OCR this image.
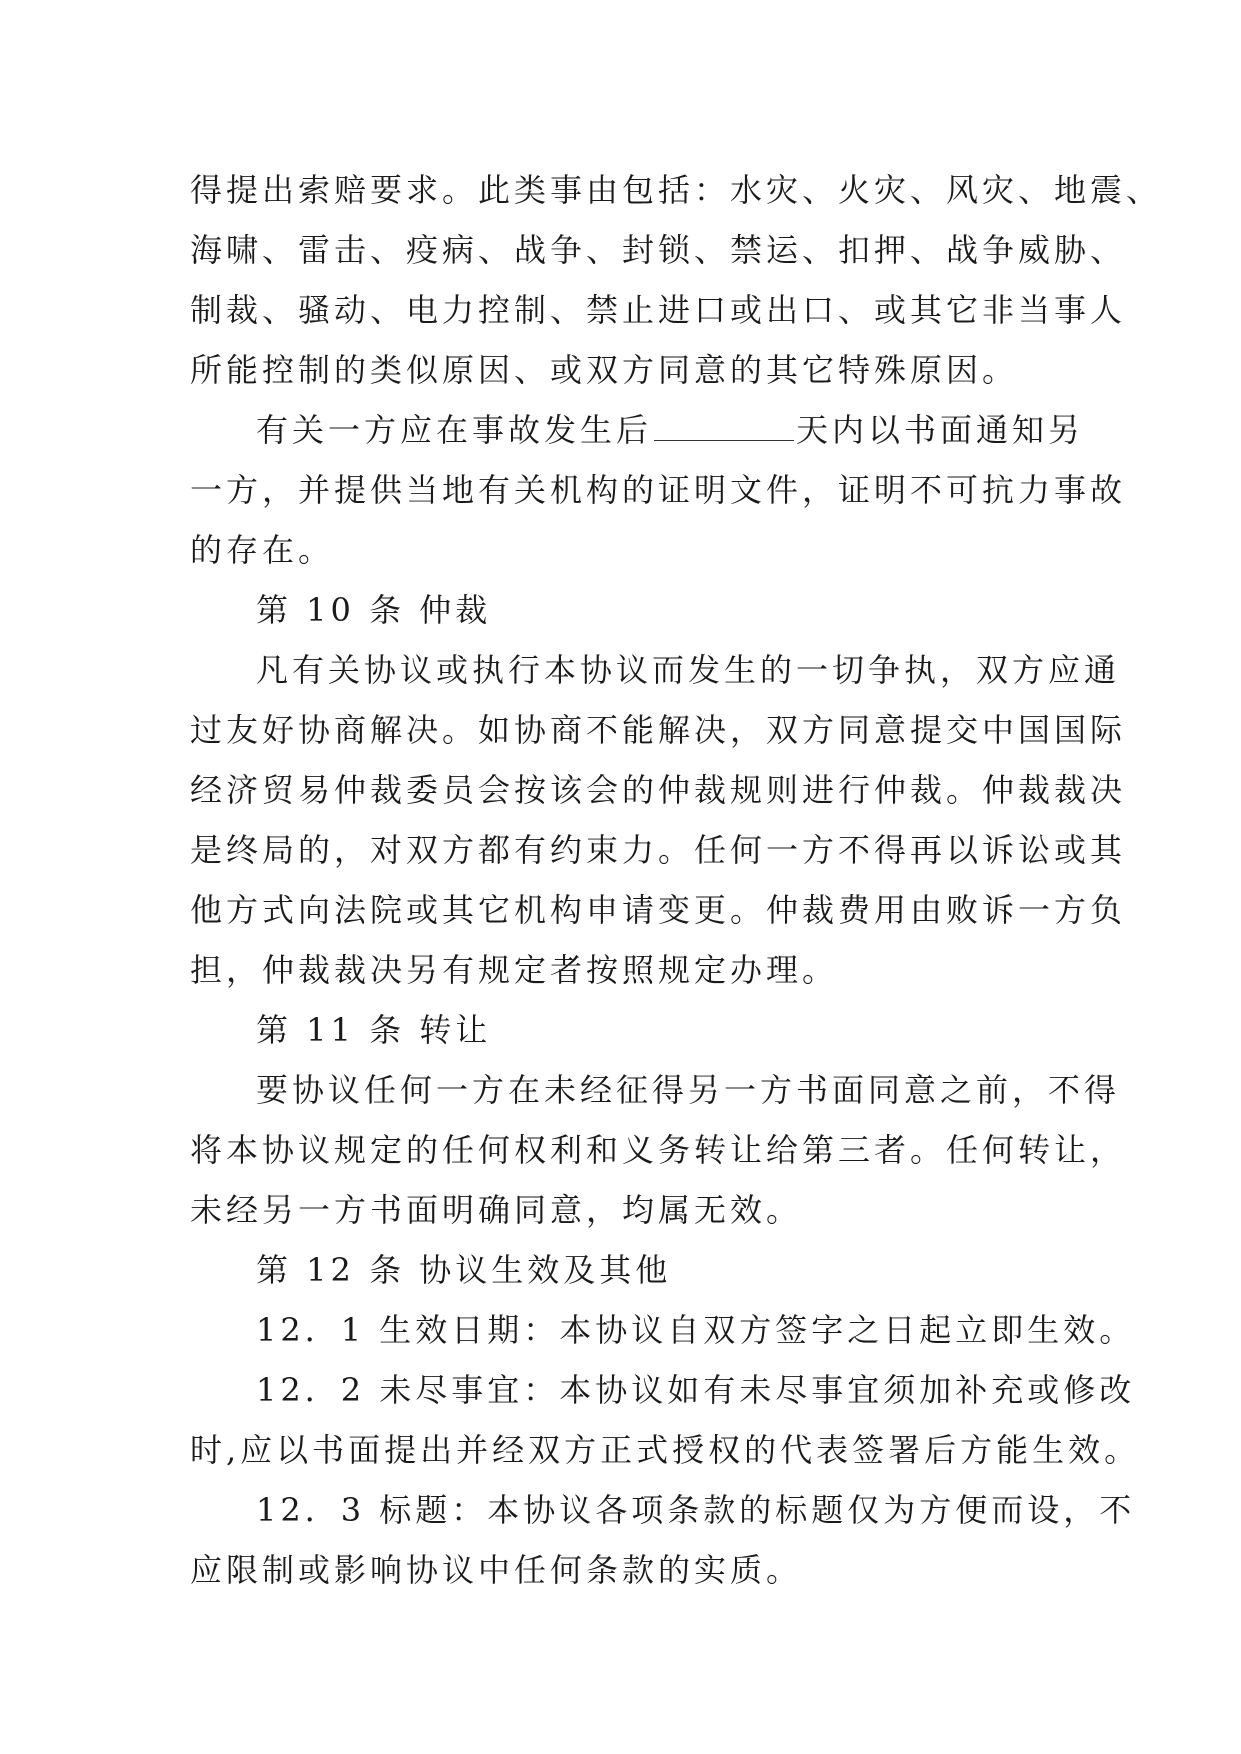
得提出索赔要求。此类事由包括：水灾、火灾、风灾、地震、
海啸、雷击、疫病、战争、封锁、禁运、扣押、战争威胁、
制裁、骚动、电力控制、禁止进口或出口、或其它非当事人
所能控制的类似原因、或双方同意的其它特殊原因。
有关一方应在事故发生后	天内以书面通知另
一方，并提供当地有关机构的证明文件，证明不可抗力事故
的存在。
第 10 条 仲裁
凡有关协议或执行本协议而发生的一切争执，双方应通
过友好协商解决。如协商不能解决，双方同意提交中国国际
经济贸易仲裁委员会按该会的仲裁规则进行仲裁。仲裁裁决
是终局的，对双方都有约束力。任何一方不得再以诉讼或其
他方式向法院或其它机构申请变更。仲裁费用由败诉一方负
担，仲裁裁决另有规定者按照规定办理。
第 11 条 转让
要协议任何一方在未经征得另一方书面同意之前，不得
将本协议规定的任何权利和义务转让给第三者。任何转让，
未经另一方书面明确同意，均属无效。
第 12 条 协议生效及其他
12．1 生效日期：本协议自双方签字之日起立即生效。
12．2 未尽事宜：本协议如有未尽事宜须加补充或修改
时,应以书面提出并经双方正式授权的代表签署后方能生效。
12．3 标题：本协议各项条款的标题仅为方便而设，不
应限制或影响协议中任何条款的实质。
